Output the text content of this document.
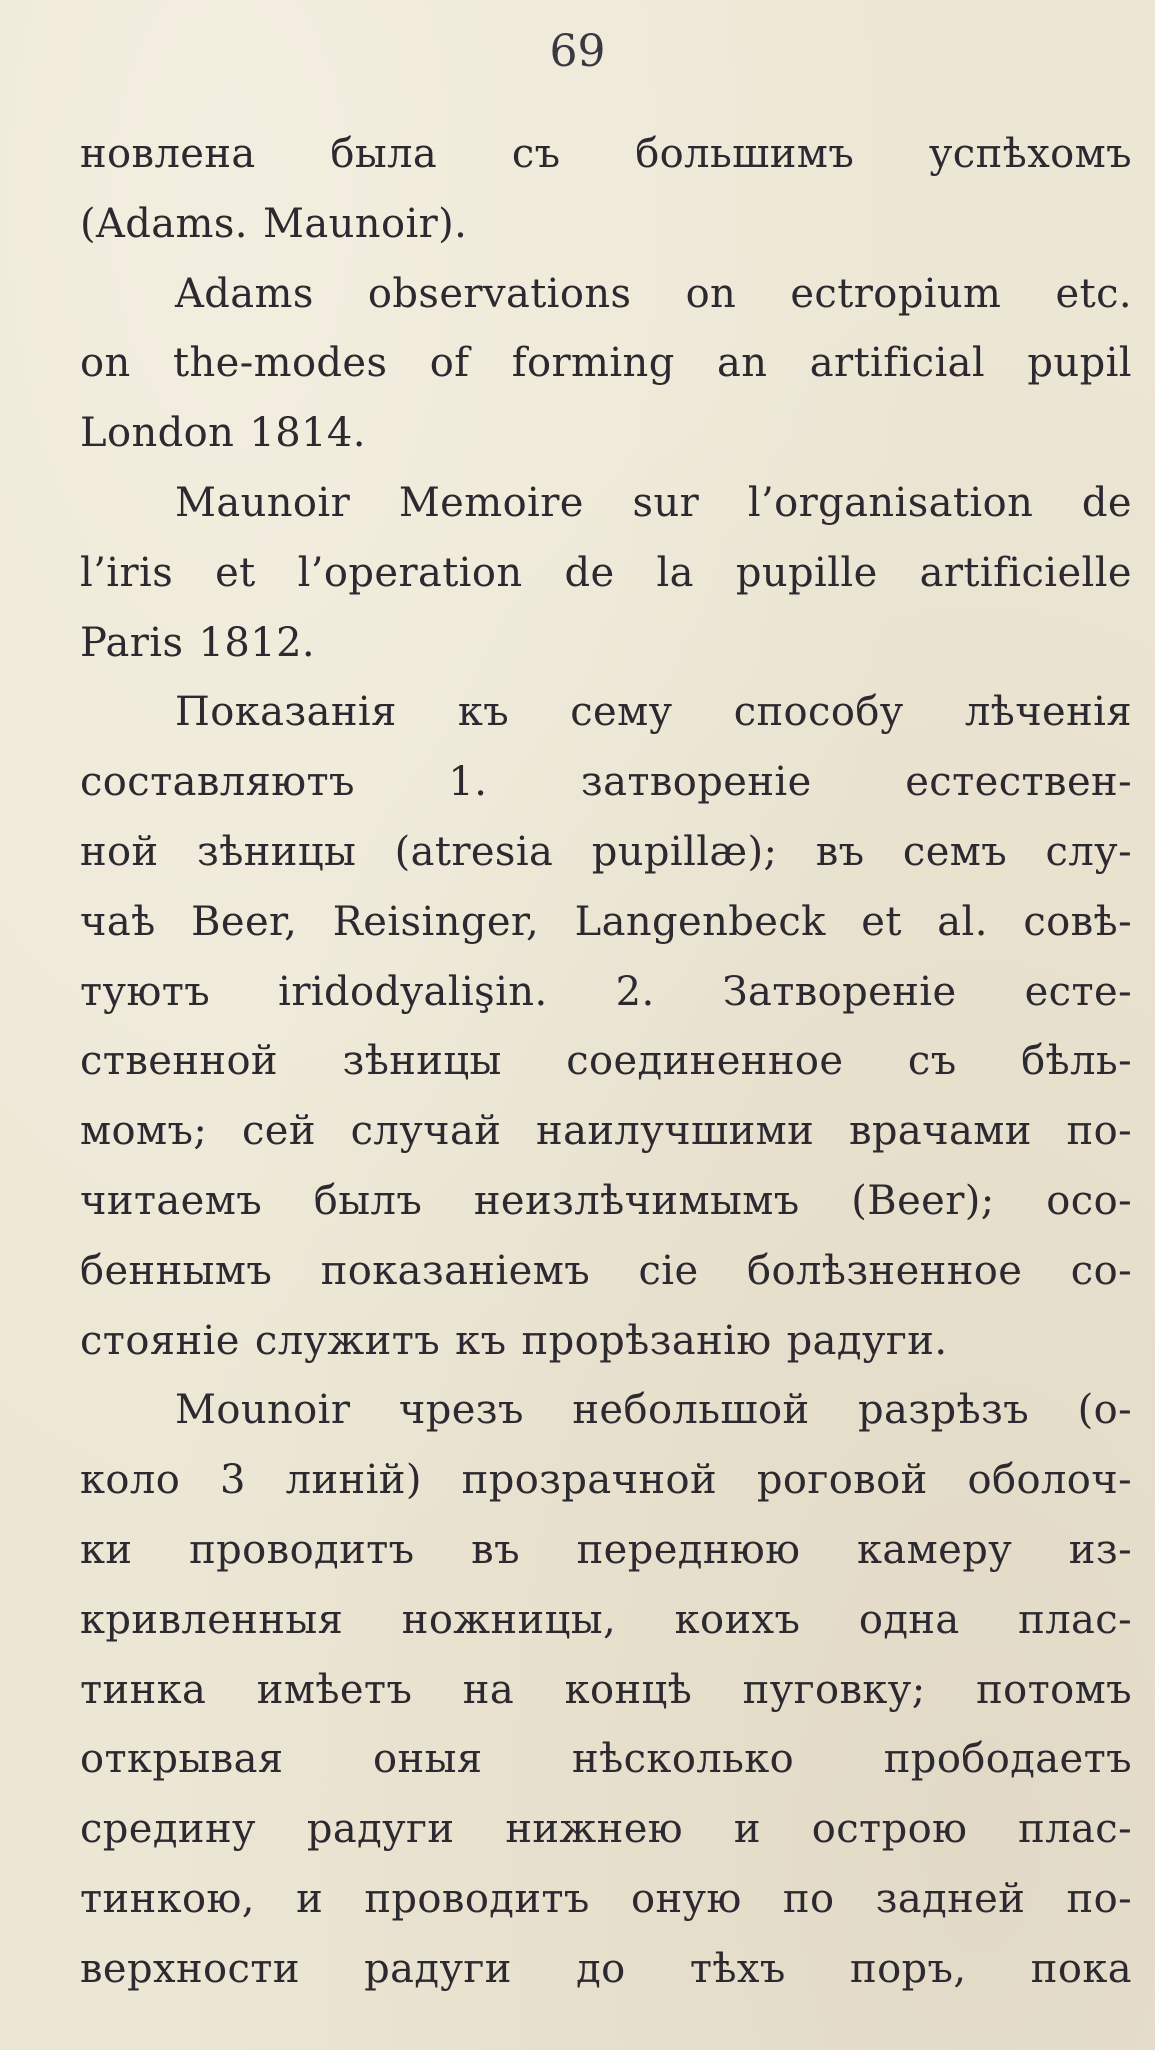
69
новлена была съ большимъ успѣхомъ
(Adams. Maunoir).
Adams observations on ectropium etc.
on the-modes of forming an artificial pupil
London 1814.
Maunoir Memoire sur l’organisation de
l’iris et l’operation de la pupille artificielle
Paris 1812.
Показанія къ сему способу лѣченія
составляютъ 1. затвореніе естествен-
ной зѣницы (atresia pupillæ); въ семъ слу-
чаѣ Beer, Reisinger, Langenbeck et al. совѣ-
туютъ iridodyalişin. 2. Затвореніе есте-
ственной зѣницы соединенное съ бѣль-
момъ; сей случай наилучшими врачами по-
читаемъ былъ неизлѣчимымъ (Beer); осо-
беннымъ показаніемъ сіе болѣзненное со-
стояніе служитъ къ прорѣзанію радуги.
Mounoir чрезъ небольшой разрѣзъ (о-
коло 3 линій) прозрачной роговой оболоч-
ки проводитъ въ переднюю камеру из-
кривленныя ножницы, коихъ одна плас-
тинка имѣетъ на концѣ пуговку; потомъ
открывая оныя нѣсколько прободаетъ
средину радуги нижнею и острою плас-
тинкою, и проводитъ оную по задней по-
верхности радуги до тѣхъ поръ, пока
